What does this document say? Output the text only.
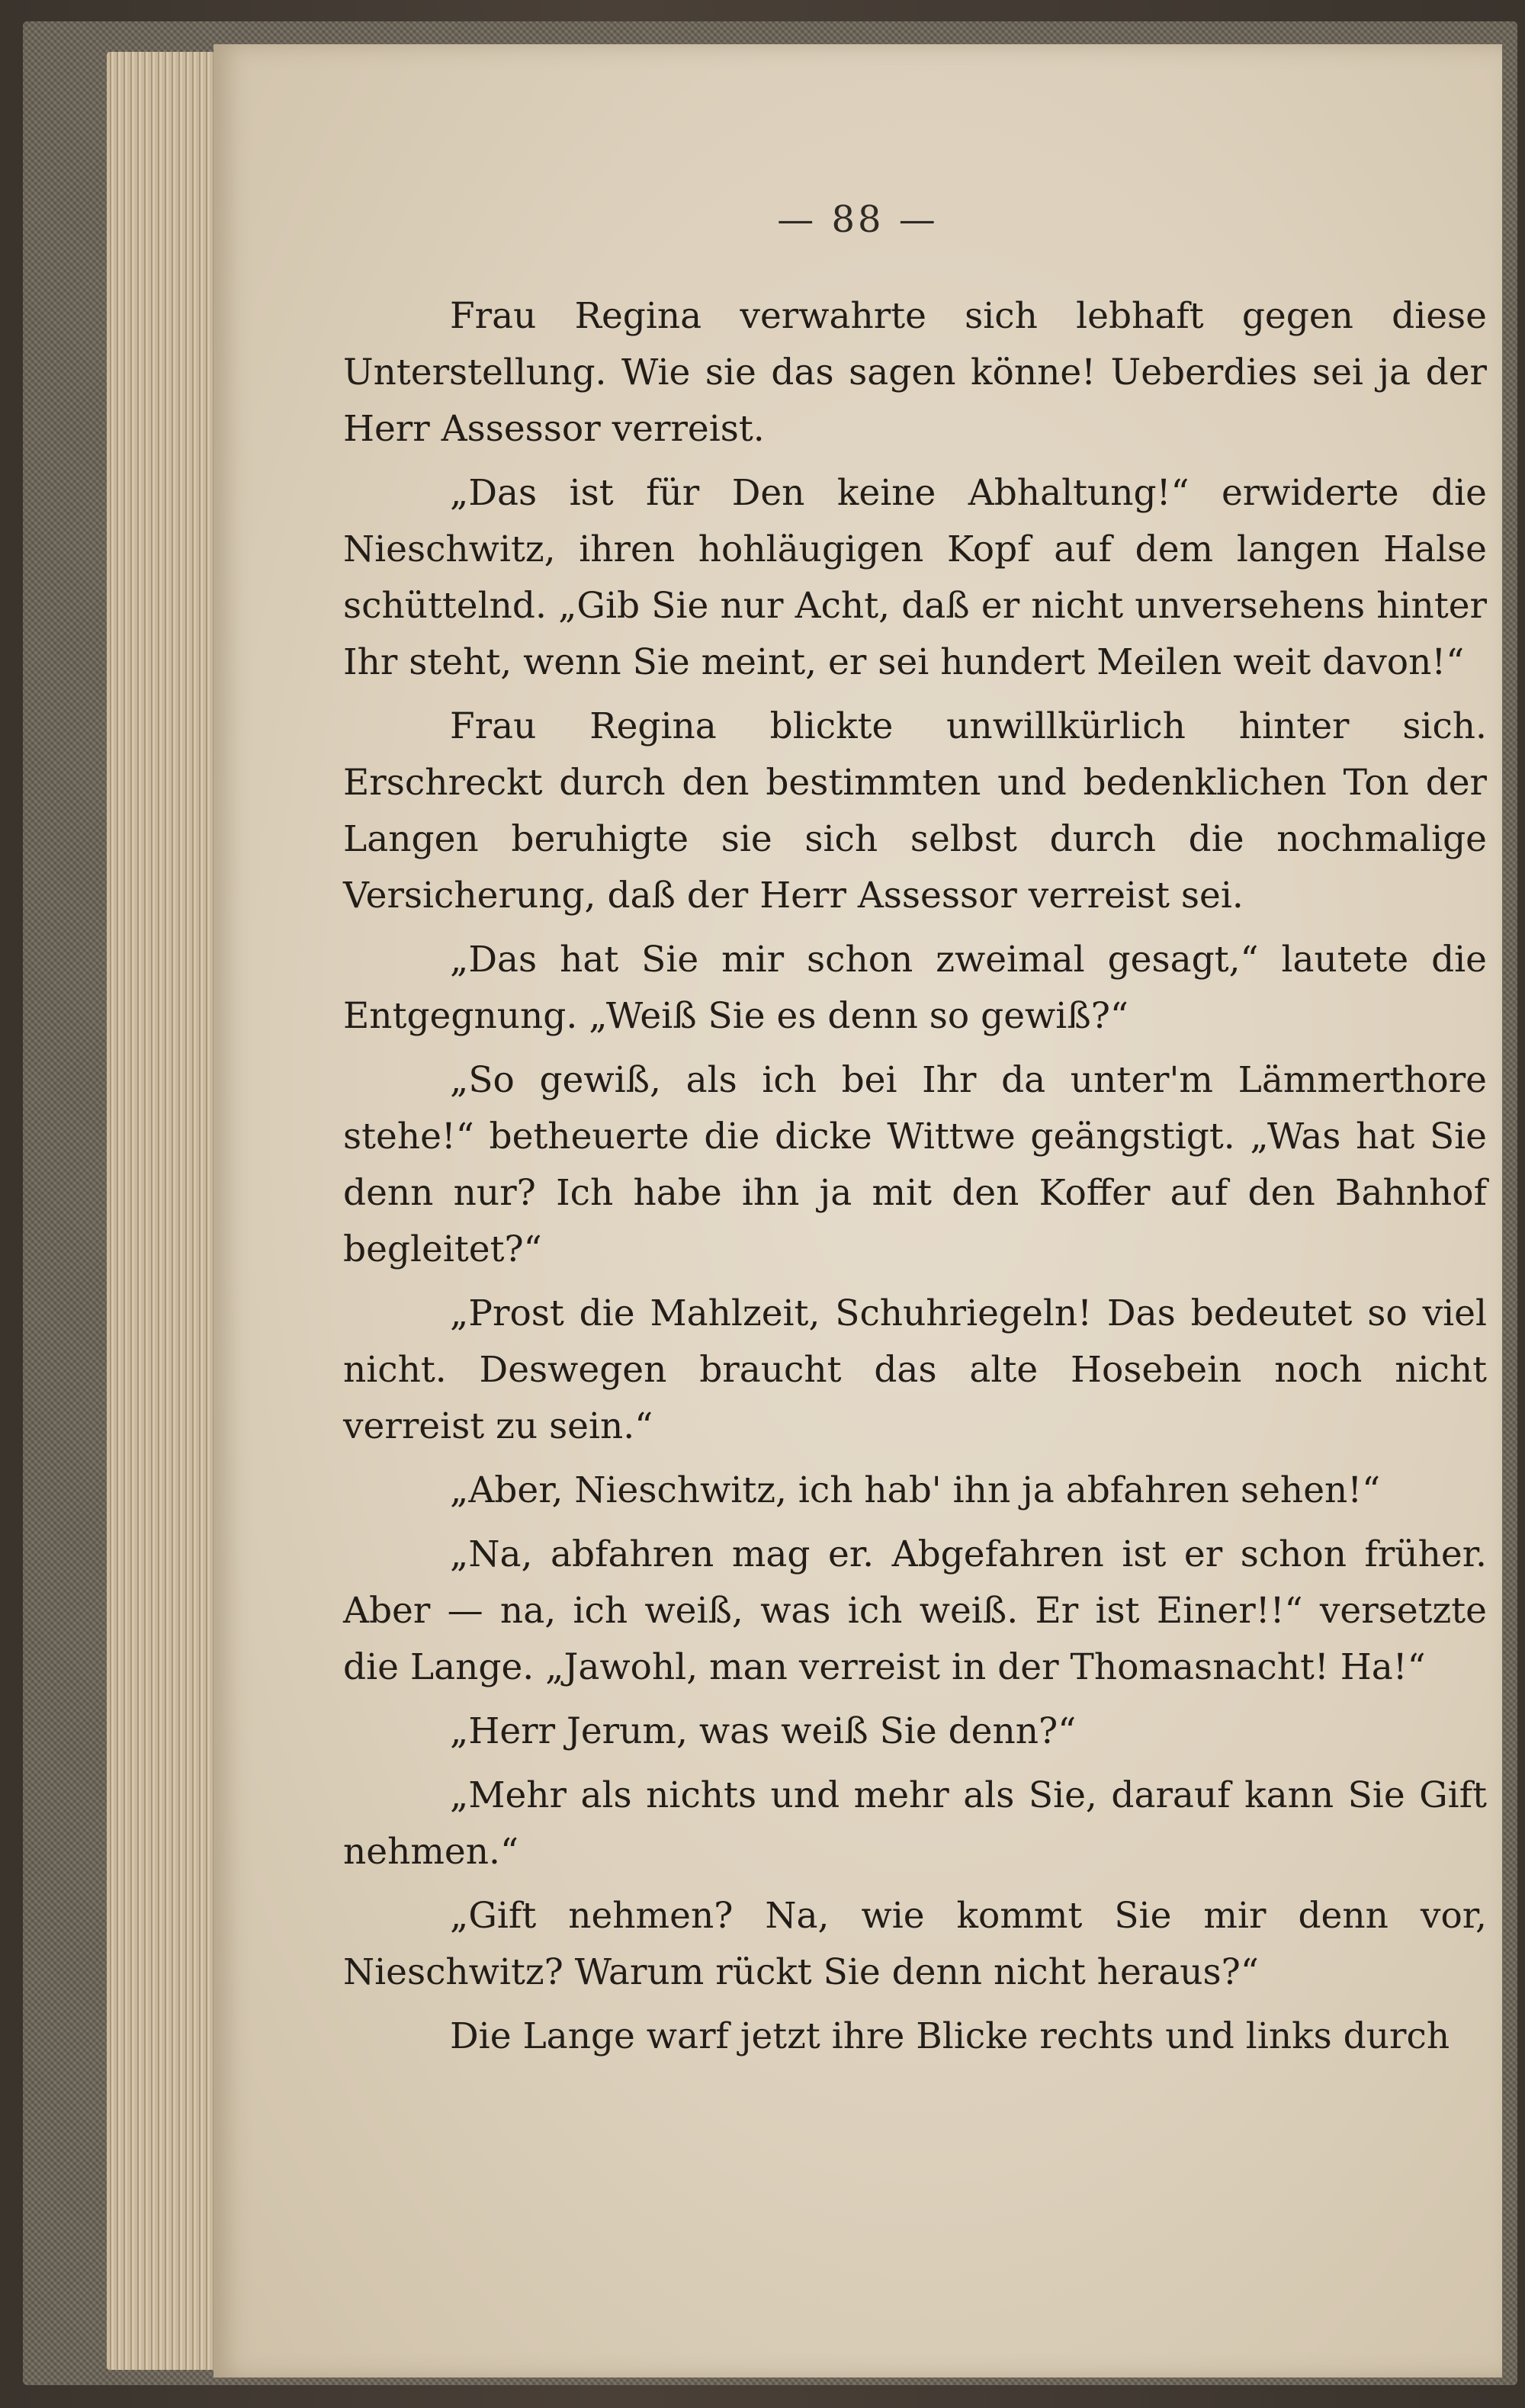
— 88 —

Frau Regina verwahrte sich lebhaft gegen diese Unterstellung. Wie sie das sagen könne! Ueberdies sei ja der Herr Assessor verreist.

„Das ist für Den keine Abhaltung!“ erwiderte die Nieschwitz, ihren hohläugigen Kopf auf dem langen Halse schüttelnd. „Gib Sie nur Acht, daß er nicht unversehens hinter Ihr steht, wenn Sie meint, er sei hundert Meilen weit davon!“

Frau Regina blickte unwillkürlich hinter sich. Erschreckt durch den bestimmten und bedenklichen Ton der Langen beruhigte sie sich selbst durch die nochmalige Versicherung, daß der Herr Assessor verreist sei.

„Das hat Sie mir schon zweimal gesagt,“ lautete die Entgegnung. „Weiß Sie es denn so gewiß?“

„So gewiß, als ich bei Ihr da unter'm Lämmerthore stehe!“ betheuerte die dicke Wittwe geängstigt. „Was hat Sie denn nur? Ich habe ihn ja mit den Koffer auf den Bahnhof begleitet?“

„Prost die Mahlzeit, Schuhriegeln! Das bedeutet so viel nicht. Deswegen braucht das alte Hosebein noch nicht verreist zu sein.“

„Aber, Nieschwitz, ich hab' ihn ja abfahren sehen!“

„Na, abfahren mag er. Abgefahren ist er schon früher. Aber — na, ich weiß, was ich weiß. Er ist Einer!!“ versetzte die Lange. „Jawohl, man verreist in der Thomasnacht! Ha!“

„Herr Jerum, was weiß Sie denn?“

„Mehr als nichts und mehr als Sie, darauf kann Sie Gift nehmen.“

„Gift nehmen? Na, wie kommt Sie mir denn vor, Nieschwitz? Warum rückt Sie denn nicht heraus?“

Die Lange warf jetzt ihre Blicke rechts und links durch
